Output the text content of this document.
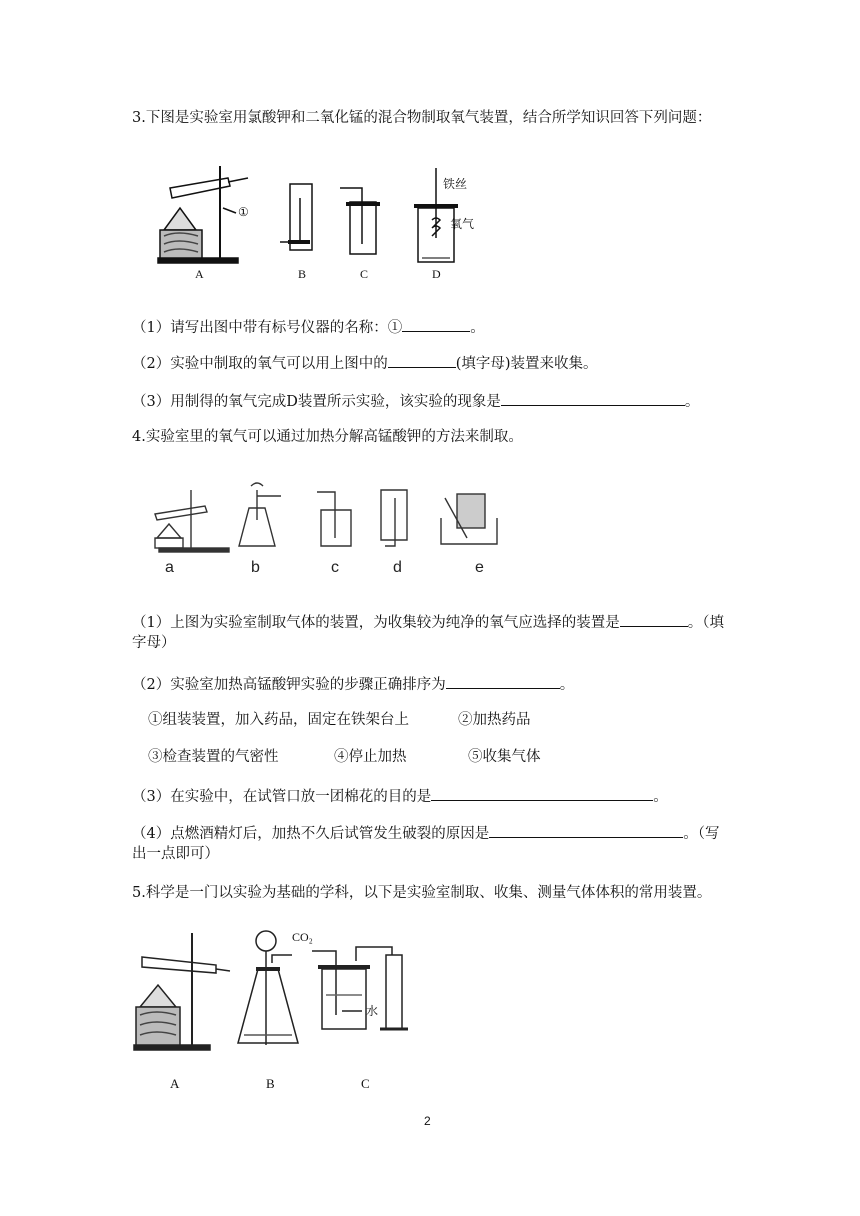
3.下图是实验室用氯酸钾和二氧化锰的混合物制取氧气装置，结合所学知识回答下列问题：
A	B	C	D
①
铁丝
氧气
（1）请写出图中带有标号仪器的名称：①	。
（2）实验中制取的氧气可以用上图中的	(填字母)装置来收集。
（3）用制得的氧气完成D装置所示实验，该实验的现象是	。
4.实验室里的氧气可以通过加热分解高锰酸钾的方法来制取。
a	b	c	d	e
（1）上图为实验室制取气体的装置，为收集较为纯净的氧气应选择的装置是	。（填
字母）
（2）实验室加热高锰酸钾实验的步骤正确排序为	。
①组装装置，加入药品，固定在铁架台上	②加热药品
③检查装置的气密性	④停止加热	⑤收集气体
（3）在实验中，在试管口放一团棉花的目的是	。
（4）点燃酒精灯后，加热不久后试管发生破裂的原因是	。（写
出一点即可）
5.科学是一门以实验为基础的学科，以下是实验室制取、收集、测量气体体积的常用装置。
CO₂
水
A	B	C
2
